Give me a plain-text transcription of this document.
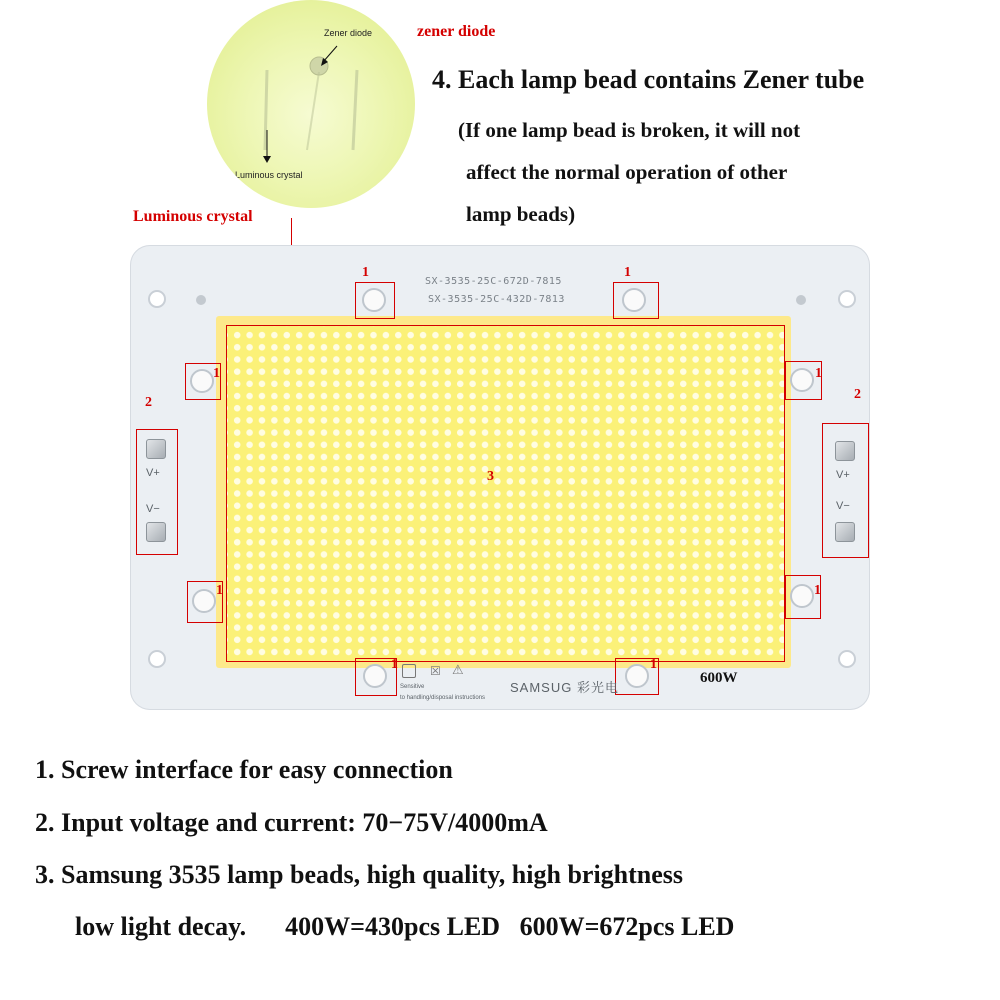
Zener diode
Luminous crystal
zener diode
Luminous crystal
4. Each lamp bead contains Zener tube
(If one lamp bead is broken, it will not
affect the normal operation of other
lamp beads)
SX-3535-25C-672D-7815
SX-3535-25C-432D-7813
3
1	1
1	1
1	1
1	1
2
V+
V−
2
V+
V−
☒ ⚠
Sensitive
to handling/disposal instructions
SAMSUG 彩光电
600W
1. Screw interface for easy connection
2. Input voltage and current: 70−75V/4000mA
3. Samsung 3535 lamp beads, high quality, high brightness
low light decay.      400W=430pcs LED   600W=672pcs LED
